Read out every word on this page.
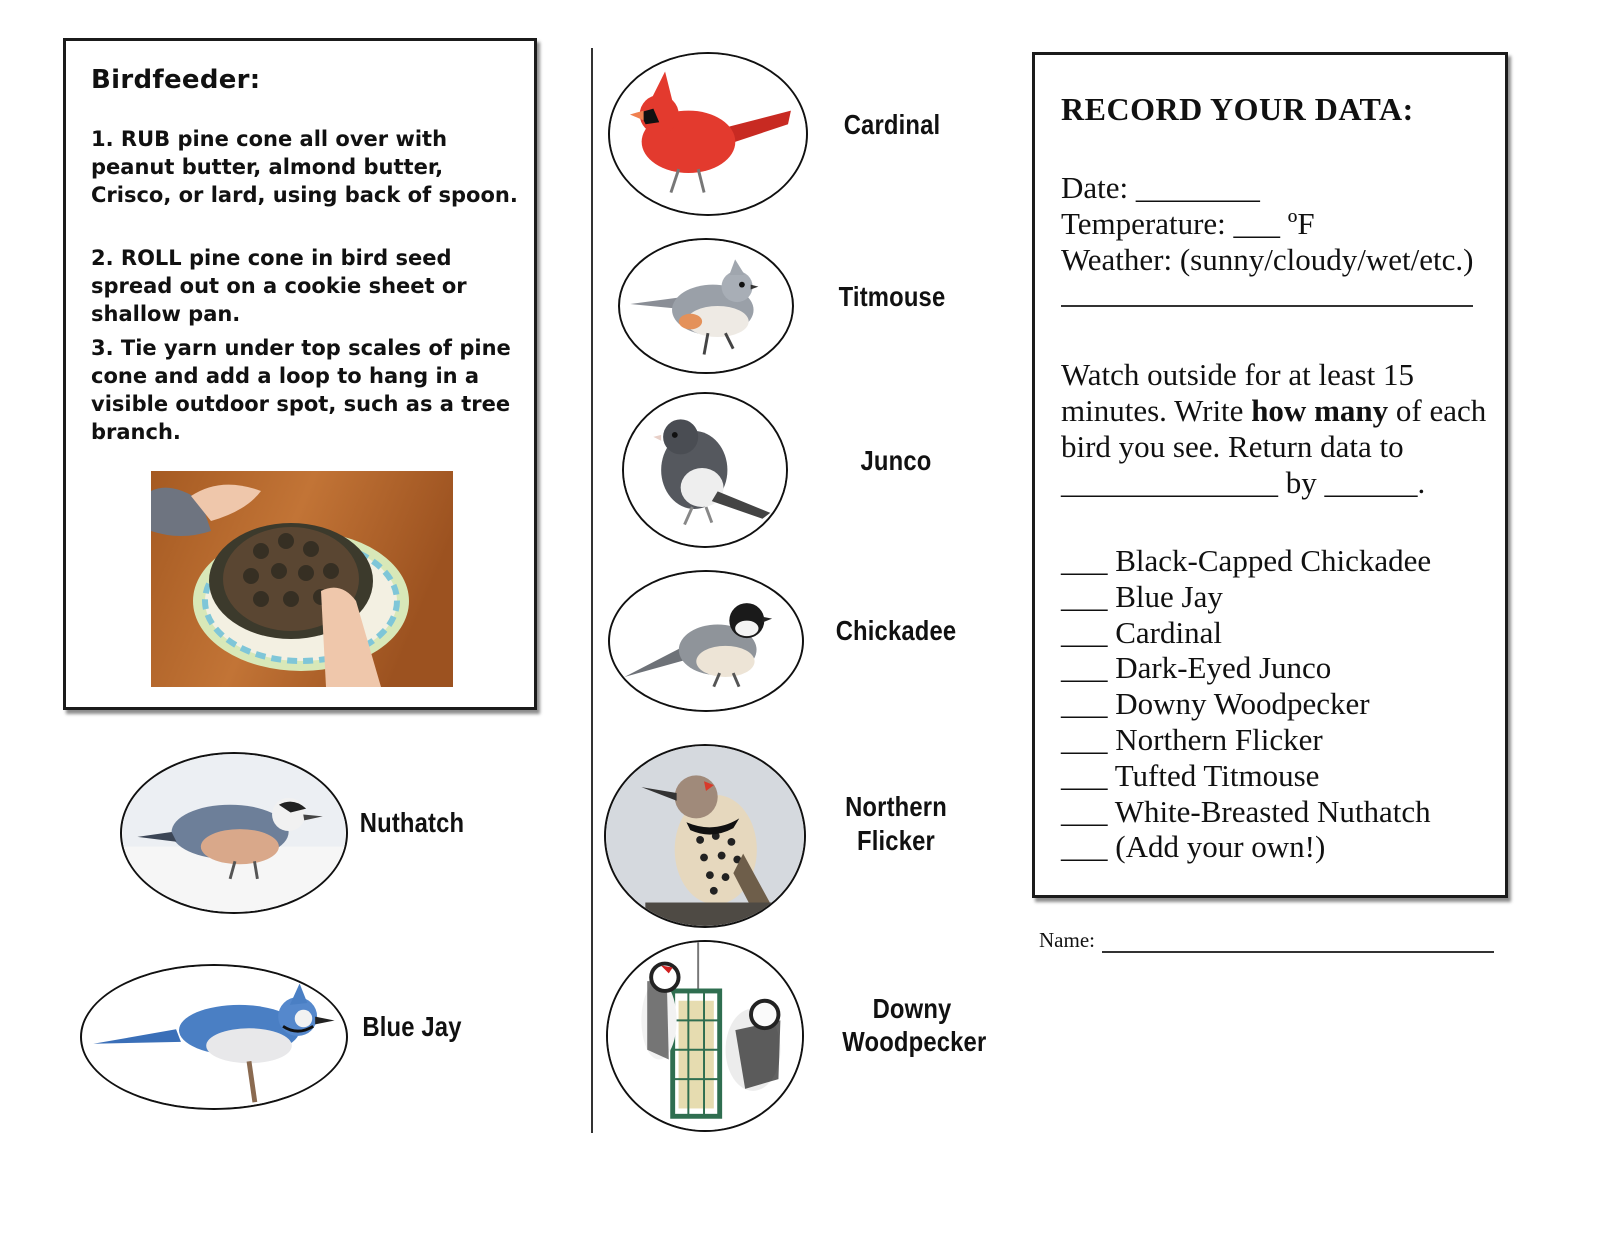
Birdfeeder:

1. RUB pine cone all over with peanut butter, almond butter, Crisco, or lard, using back of spoon.

2. ROLL pine cone in bird seed spread out on a cookie sheet or shallow pan.

3. Tie yarn under top scales of pine cone and add a loop to hang in a visible outdoor spot, such as a tree branch.

Nuthatch
Blue Jay
Cardinal
Titmouse
Junco
Chickadee
Northern
Flicker
Downy
Woodpecker
RECORD YOUR DATA:
Date: ________
Temperature: ___ ºF
Weather: (sunny/cloudy/wet/etc.)
Watch outside for at least 15 minutes. Write how many of each bird you see. Return data to ______________ by ______.
___ Black-Capped Chickadee
___ Blue Jay
___ Cardinal
___ Dark-Eyed Junco
___ Downy Woodpecker
___ Northern Flicker
___ Tufted Titmouse
___ White-Breasted Nuthatch
___ (Add your own!)
Name:
